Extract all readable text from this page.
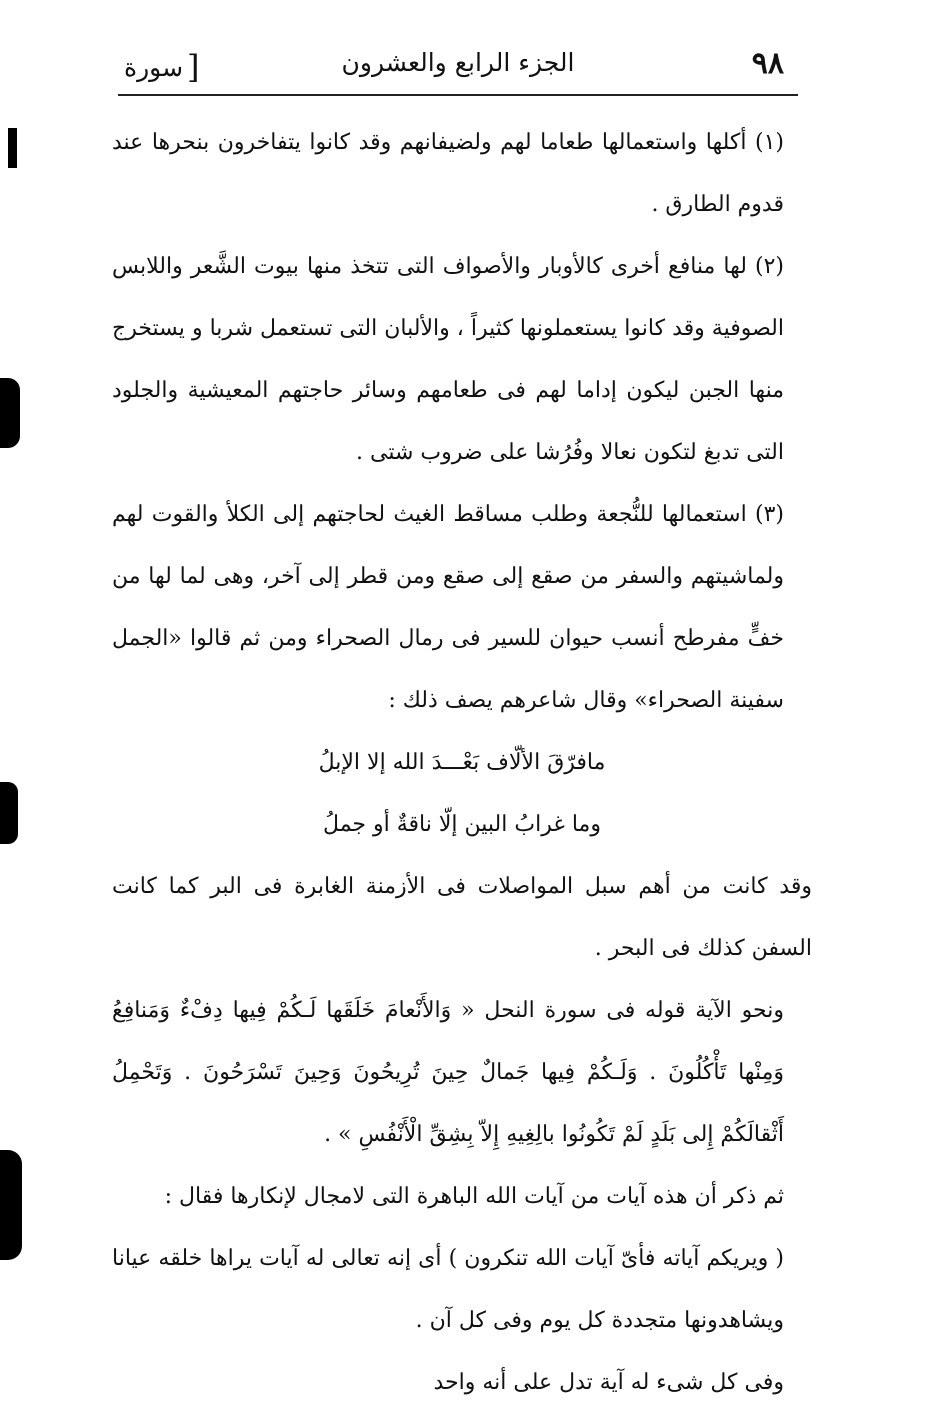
٩٨
الجزء الرابع والعشرون
سورة ]

(١) أكلها واستعمالها طعاما لهم ولضيفانهم وقد كانوا يتفاخرون بنحرها عند قدوم الطارق .

(٢) لها منافع أخرى كالأوبار والأصواف التى تتخذ منها بيوت الشَّعر واللابس الصوفية وقد كانوا يستعملونها كثيراً ، والألبان التى تستعمل شربا و يستخرج منها الجبن ليكون إداما لهم فى طعامهم وسائر حاجتهم المعيشية والجلود التى تدبغ لتكون نعالا وفُرُشا على ضروب شتى .

(٣) استعمالها للنُّجعة وطلب مساقط الغيث لحاجتهم إلى الكلأ والقوت لهم ولماشيتهم والسفر من صقع إلى صقع ومن قطر إلى آخر، وهى لما لها من خفٍّ مفرطح أنسب حيوان للسير فى رمال الصحراء ومن ثم قالوا «الجمل سفينة الصحراء» وقال شاعرهم يصف ذلك :

مافرّقَ الألّاف بَعْـــدَ الله إلا الإبلُ
وما غرابُ البين إلّا ناقةٌ أو جملُ

وقد كانت من أهم سبل المواصلات فى الأزمنة الغابرة فى البر كما كانت السفن كذلك فى البحر .

ونحو الآية قوله فى سورة النحل « وَالأَنْعامَ خَلَقَها لَـكُمْ فِيها دِفْءٌ وَمَنافِعُ وَمِنْها تَأْكُلُونَ . وَلَـكُمْ فِيها جَمالٌ حِينَ تُرِيحُونَ وَحِينَ تَسْرَحُونَ . وَتَحْمِلُ أَثْقالَكُمْ إِلى بَلَدٍ لَمْ تَكُونُوا بالِغِيهِ إِلاّ بِشِقِّ الْأَنْفُسِ » .

ثم ذكر أن هذه آيات من آيات الله الباهرة التى لامجال لإنكارها فقال :

( ويريكم آياته فأىّ آيات الله تنكرون ) أى إنه تعالى له آيات يراها خلقه عيانا ويشاهدونها متجددة كل يوم وفى كل آن .

وفى كل شىء له آية تدل على أنه واحد
